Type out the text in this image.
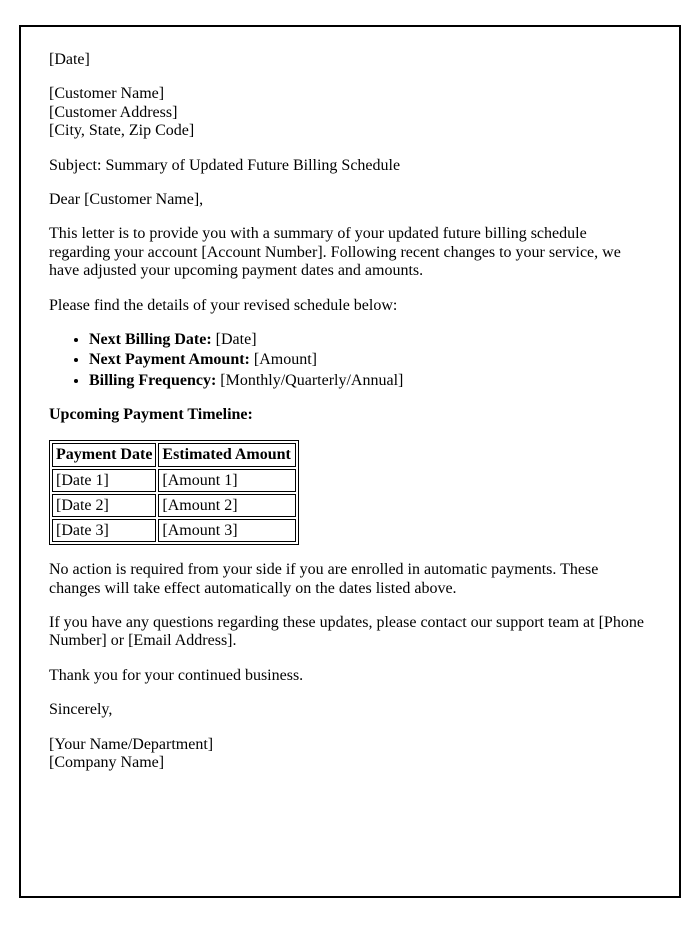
[Date]

[Customer Name]

[Customer Address]

[City, State, Zip Code]

Subject: Summary of Updated Future Billing Schedule

Dear [Customer Name],

This letter is to provide you with a summary of your updated future billing schedule regarding your account [Account Number]. Following recent changes to your service, we have adjusted your upcoming payment dates and amounts.

Please find the details of your revised schedule below:

• Next Billing Date: [Date]
• Next Payment Amount: [Amount]
• Billing Frequency: [Monthly/Quarterly/Annual]

Upcoming Payment Timeline:

Payment Date	Estimated Amount
[Date 1]	[Amount 1]
[Date 2]	[Amount 2]
[Date 3]	[Amount 3]

No action is required from your side if you are enrolled in automatic payments. These changes will take effect automatically on the dates listed above.

If you have any questions regarding these updates, please contact our support team at [Phone Number] or [Email Address].

Thank you for your continued business.

Sincerely,

[Your Name/Department]

[Company Name]
